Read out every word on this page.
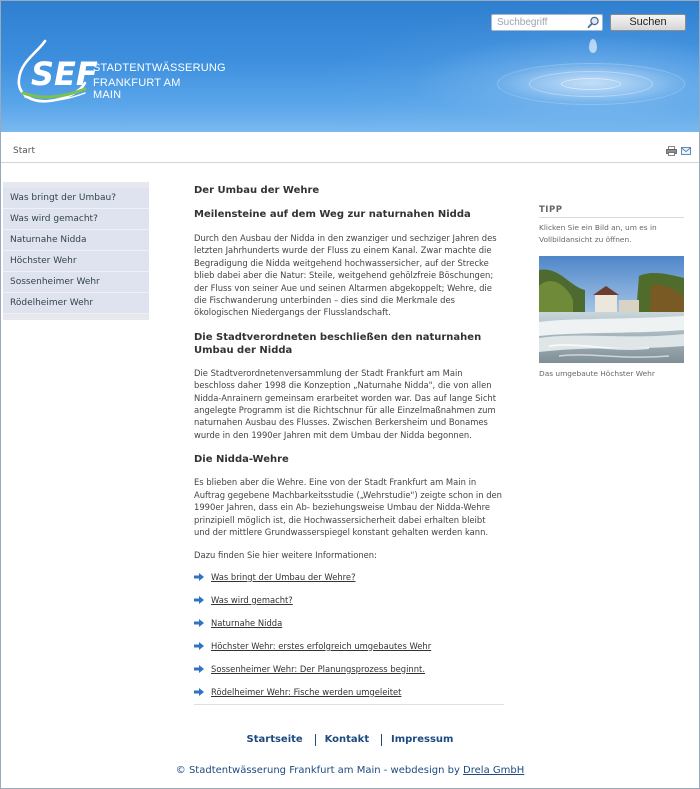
SEF
STADTENTWÄSSERUNG
FRANKFURT AM MAIN
Suchbegriff
Suchen
Start
Was bringt der Umbau?
Was wird gemacht?
Naturnahe Nidda
Höchster Wehr
Sossenheimer Wehr
Rödelheimer Wehr
Der Umbau der Wehre
Meilensteine auf dem Weg zur naturnahen Nidda

Durch den Ausbau der Nidda in den zwanziger und sechziger Jahren des letzten Jahrhunderts wurde der Fluss zu einem Kanal. Zwar machte die Begradigung die Nidda weitgehend hochwassersicher, auf der Strecke blieb dabei aber die Natur: Steile, weitgehend gehölzfreie Böschungen; der Fluss von seiner Aue und seinen Altarmen abgekoppelt; Wehre, die die Fischwanderung unterbinden – dies sind die Merkmale des ökologischen Niedergangs der Flusslandschaft.

Die Stadtverordneten beschließen den naturnahen Umbau der Nidda

Die Stadtverordnetenversammlung der Stadt Frankfurt am Main beschloss daher 1998 die Konzeption „Naturnahe Nidda", die von allen Nidda-Anrainern gemeinsam erarbeitet worden war. Das auf lange Sicht angelegte Programm ist die Richtschnur für alle Einzelmaßnahmen zum naturnahen Ausbau des Flusses. Zwischen Berkersheim und Bonames wurde in den 1990er Jahren mit dem Umbau der Nidda begonnen.

Die Nidda-Wehre

Es blieben aber die Wehre. Eine von der Stadt Frankfurt am Main in Auftrag gegebene Machbarkeitsstudie („Wehrstudie") zeigte schon in den 1990er Jahren, dass ein Ab- beziehungsweise Umbau der Nidda-Wehre prinzipiell möglich ist, die Hochwassersicherheit dabei erhalten bleibt und der mittlere Grundwasserspiegel konstant gehalten werden kann.

Dazu finden Sie hier weitere Informationen:

Was bringt der Umbau der Wehre?
Was wird gemacht?
Naturnahe Nidda
Höchster Wehr: erstes erfolgreich umgebautes Wehr
Sossenheimer Wehr: Der Planungsprozess beginnt.
Rödelheimer Wehr: Fische werden umgeleitet
TIPP
Klicken Sie ein Bild an, um es in Vollbildansicht zu öffnen.
Das umgebaute Höchster Wehr
Startseite Kontakt Impressum
© Stadtentwässerung Frankfurt am Main - webdesign by Drela GmbH
